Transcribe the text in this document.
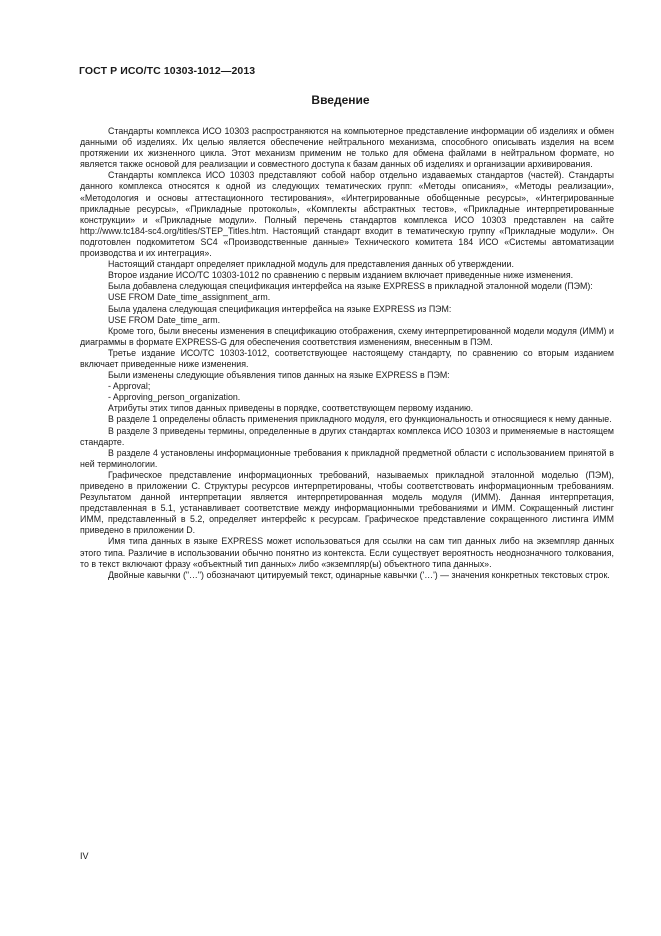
ГОСТ Р ИСО/ТС 10303-1012—2013
Введение

Стандарты комплекса ИСО 10303 распространяются на компьютерное представление информации об изделиях и обмен данными об изделиях. Их целью является обеспечение нейтрального механизма, способного описывать изделия на всем протяжении их жизненного цикла. Этот механизм применим не только для обмена файлами в нейтральном формате, но является также основой для реализации и совместного доступа к базам данных об изделиях и организации архивирования.

Стандарты комплекса ИСО 10303 представляют собой набор отдельно издаваемых стандартов (частей). Стандарты данного комплекса относятся к одной из следующих тематических групп: «Методы описания», «Методы реализации», «Методология и основы аттестационного тестирования», «Интегрированные обобщенные ресурсы», «Интегрированные прикладные ресурсы», «Прикладные протоколы», «Комплекты абстрактных тестов», «Прикладные интерпретированные конструкции» и «Прикладные модули». Полный перечень стандартов комплекса ИСО 10303 представлен на сайте http://www.tc184-sc4.org/titles/STEP_Titles.htm. Настоящий стандарт входит в тематическую группу «Прикладные модули». Он подготовлен подкомитетом SC4 «Производственные данные» Технического комитета 184 ИСО «Системы автоматизации производства и их интеграция».

Настоящий стандарт определяет прикладной модуль для представления данных об утверждении.

Второе издание ИСО/ТС 10303-1012 по сравнению с первым изданием включает приведенные ниже изменения.

Была добавлена следующая спецификация интерфейса на языке EXPRESS в прикладной эталонной модели (ПЭМ):

USE FROM Date_time_assignment_arm.

Была удалена следующая спецификация интерфейса на языке EXPRESS из ПЭМ:

USE FROM Date_time_arm.

Кроме того, были внесены изменения в спецификацию отображения, схему интерпретированной модели модуля (ИММ) и диаграммы в формате EXPRESS-G для обеспечения соответствия изменениям, внесенным в ПЭМ.

Третье издание ИСО/ТС 10303-1012, соответствующее настоящему стандарту, по сравнению со вторым изданием включает приведенные ниже изменения.

Были изменены следующие объявления типов данных на языке EXPRESS в ПЭМ:

- Approval;

- Approving_person_organization.

Атрибуты этих типов данных приведены в порядке, соответствующем первому изданию.

В разделе 1 определены область применения прикладного модуля, его функциональность и относящиеся к нему данные.

В разделе 3 приведены термины, определенные в других стандартах комплекса ИСО 10303 и применяемые в настоящем стандарте.

В разделе 4 установлены информационные требования к прикладной предметной области с использованием принятой в ней терминологии.

Графическое представление информационных требований, называемых прикладной эталонной моделью (ПЭМ), приведено в приложении С. Структуры ресурсов интерпретированы, чтобы соответствовать информационным требованиям. Результатом данной интерпретации является интерпретированная модель модуля (ИММ). Данная интерпретация, представленная в 5.1, устанавливает соответствие между информационными требованиями и ИММ. Сокращенный листинг ИММ, представленный в 5.2, определяет интерфейс к ресурсам. Графическое представление сокращенного листинга ИММ приведено в приложении D.

Имя типа данных в языке EXPRESS может использоваться для ссылки на сам тип данных либо на экземпляр данных этого типа. Различие в использовании обычно понятно из контекста. Если существует вероятность неоднозначного толкования, то в текст включают фразу «объектный тип данных» либо «экземпляр(ы) объектного типа данных».

Двойные кавычки ("…") обозначают цитируемый текст, одинарные кавычки ('…') — значения конкретных текстовых строк.

IV
